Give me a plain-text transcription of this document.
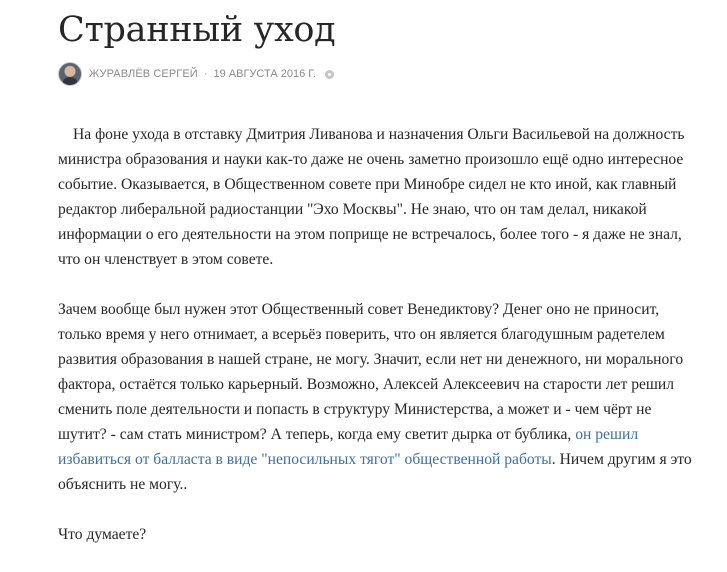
Странный уход
ЖУРАВЛЁВ СЕРГЕЙ · 19 АВГУСТА 2016 Г.

На фоне ухода в отставку Дмитрия Ливанова и назначения Ольги Васильевой на должность министра образования и науки как-то даже не очень заметно произошло ещё одно интересное событие. Оказывается, в Общественном совете при Минобре сидел не кто иной, как главный редактор либеральной радиостанции "Эхо Москвы". Не знаю, что он там делал, никакой информации о его деятельности на этом поприще не встречалось, более того - я даже не знал, что он членствует в этом совете.

Зачем вообще был нужен этот Общественный совет Венедиктову? Денег оно не приносит, только время у него отнимает, а всерьёз поверить, что он является благодушным радетелем развития образования в нашей стране, не могу. Значит, если нет ни денежного, ни морального фактора, остаётся только карьерный. Возможно, Алексей Алексеевич на старости лет решил сменить поле деятельности и попасть в структуру Министерства, а может и - чем чёрт не шутит? - сам стать министром? А теперь, когда ему светит дырка от бублика, он решил избавиться от балласта в виде "непосильных тягот" общественной работы. Ничем другим я это объяснить не могу..

Что думаете?
